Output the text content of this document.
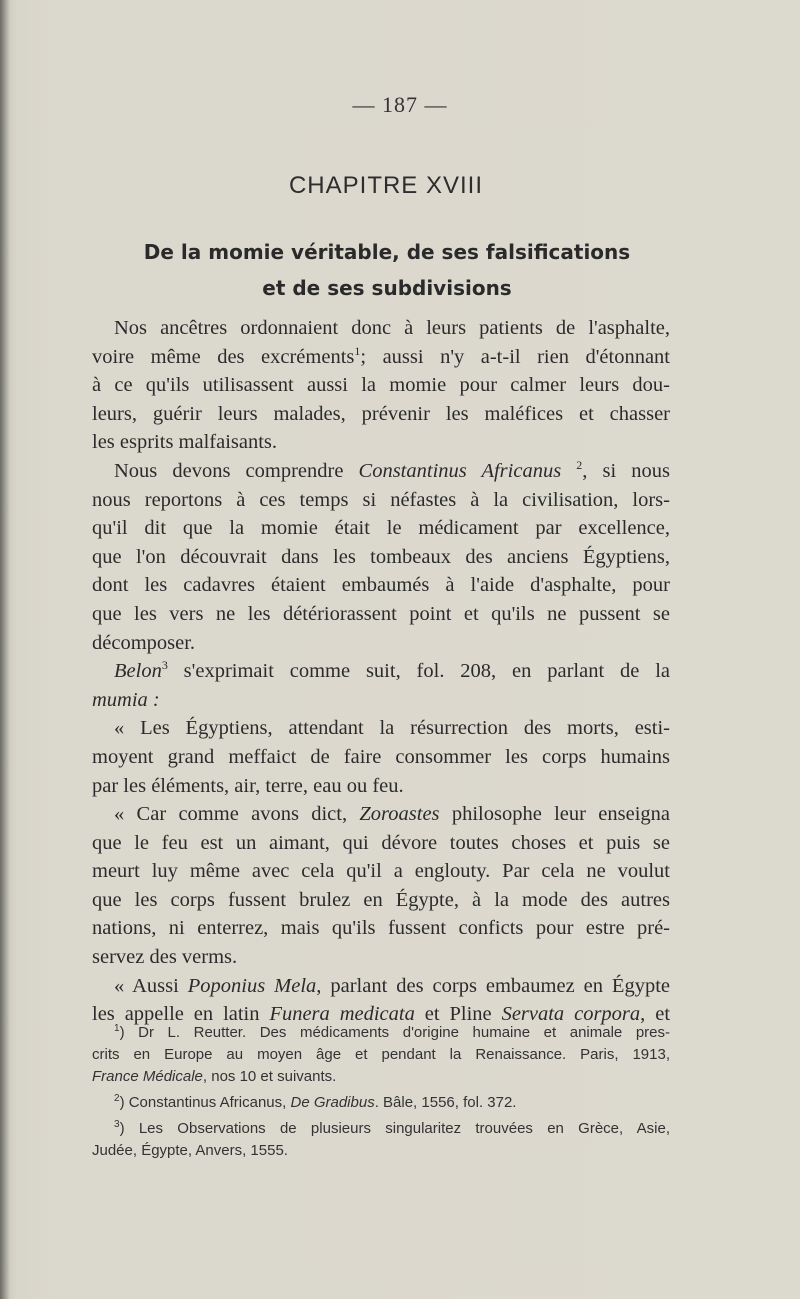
— 187 —
CHAPITRE XVIII
De la momie véritable, de ses falsifications
et de ses subdivisions
Nos ancêtres ordonnaient donc à leurs patients de l'asphalte,
voire même des excréments$^1$; aussi n'y a-t-il rien d'étonnant
à ce qu'ils utilisassent aussi la momie pour calmer leurs dou-
leurs, guérir leurs malades, prévenir les maléfices et chasser
les esprits malfaisants.
Nous devons comprendre Constantinus Africanus $^2$, si nous
nous reportons à ces temps si néfastes à la civilisation, lors-
qu'il dit que la momie était le médicament par excellence,
que l'on découvrait dans les tombeaux des anciens Égyptiens,
dont les cadavres étaient embaumés à l'aide d'asphalte, pour
que les vers ne les détériorassent point et qu'ils ne pussent se
décomposer.
Belon$^3$ s'exprimait comme suit, fol. 208, en parlant de la
mumia :
« Les Égyptiens, attendant la résurrection des morts, esti-
moyent grand meffaict de faire consommer les corps humains
par les éléments, air, terre, eau ou feu.
« Car comme avons dict, Zoroastes philosophe leur enseigna
que le feu est un aimant, qui dévore toutes choses et puis se
meurt luy même avec cela qu'il a englouty. Par cela ne voulut
que les corps fussent brulez en Égypte, à la mode des autres
nations, ni enterrez, mais qu'ils fussent conficts pour estre pré-
servez des verms.
« Aussi Poponius Mela, parlant des corps embaumez en Égypte
les appelle en latin Funera medicata et Pline Servata corpora, et
$^1$) Dr L. Reutter. Des médicaments d'origine humaine et animale pres-
crits en Europe au moyen âge et pendant la Renaissance. Paris, 1913,
France Médicale, nos 10 et suivants.
$^2$) Constantinus Africanus, De Gradibus. Bâle, 1556, fol. 372.
$^3$) Les Observations de plusieurs singularitez trouvées en Grèce, Asie,
Judée, Égypte, Anvers, 1555.
